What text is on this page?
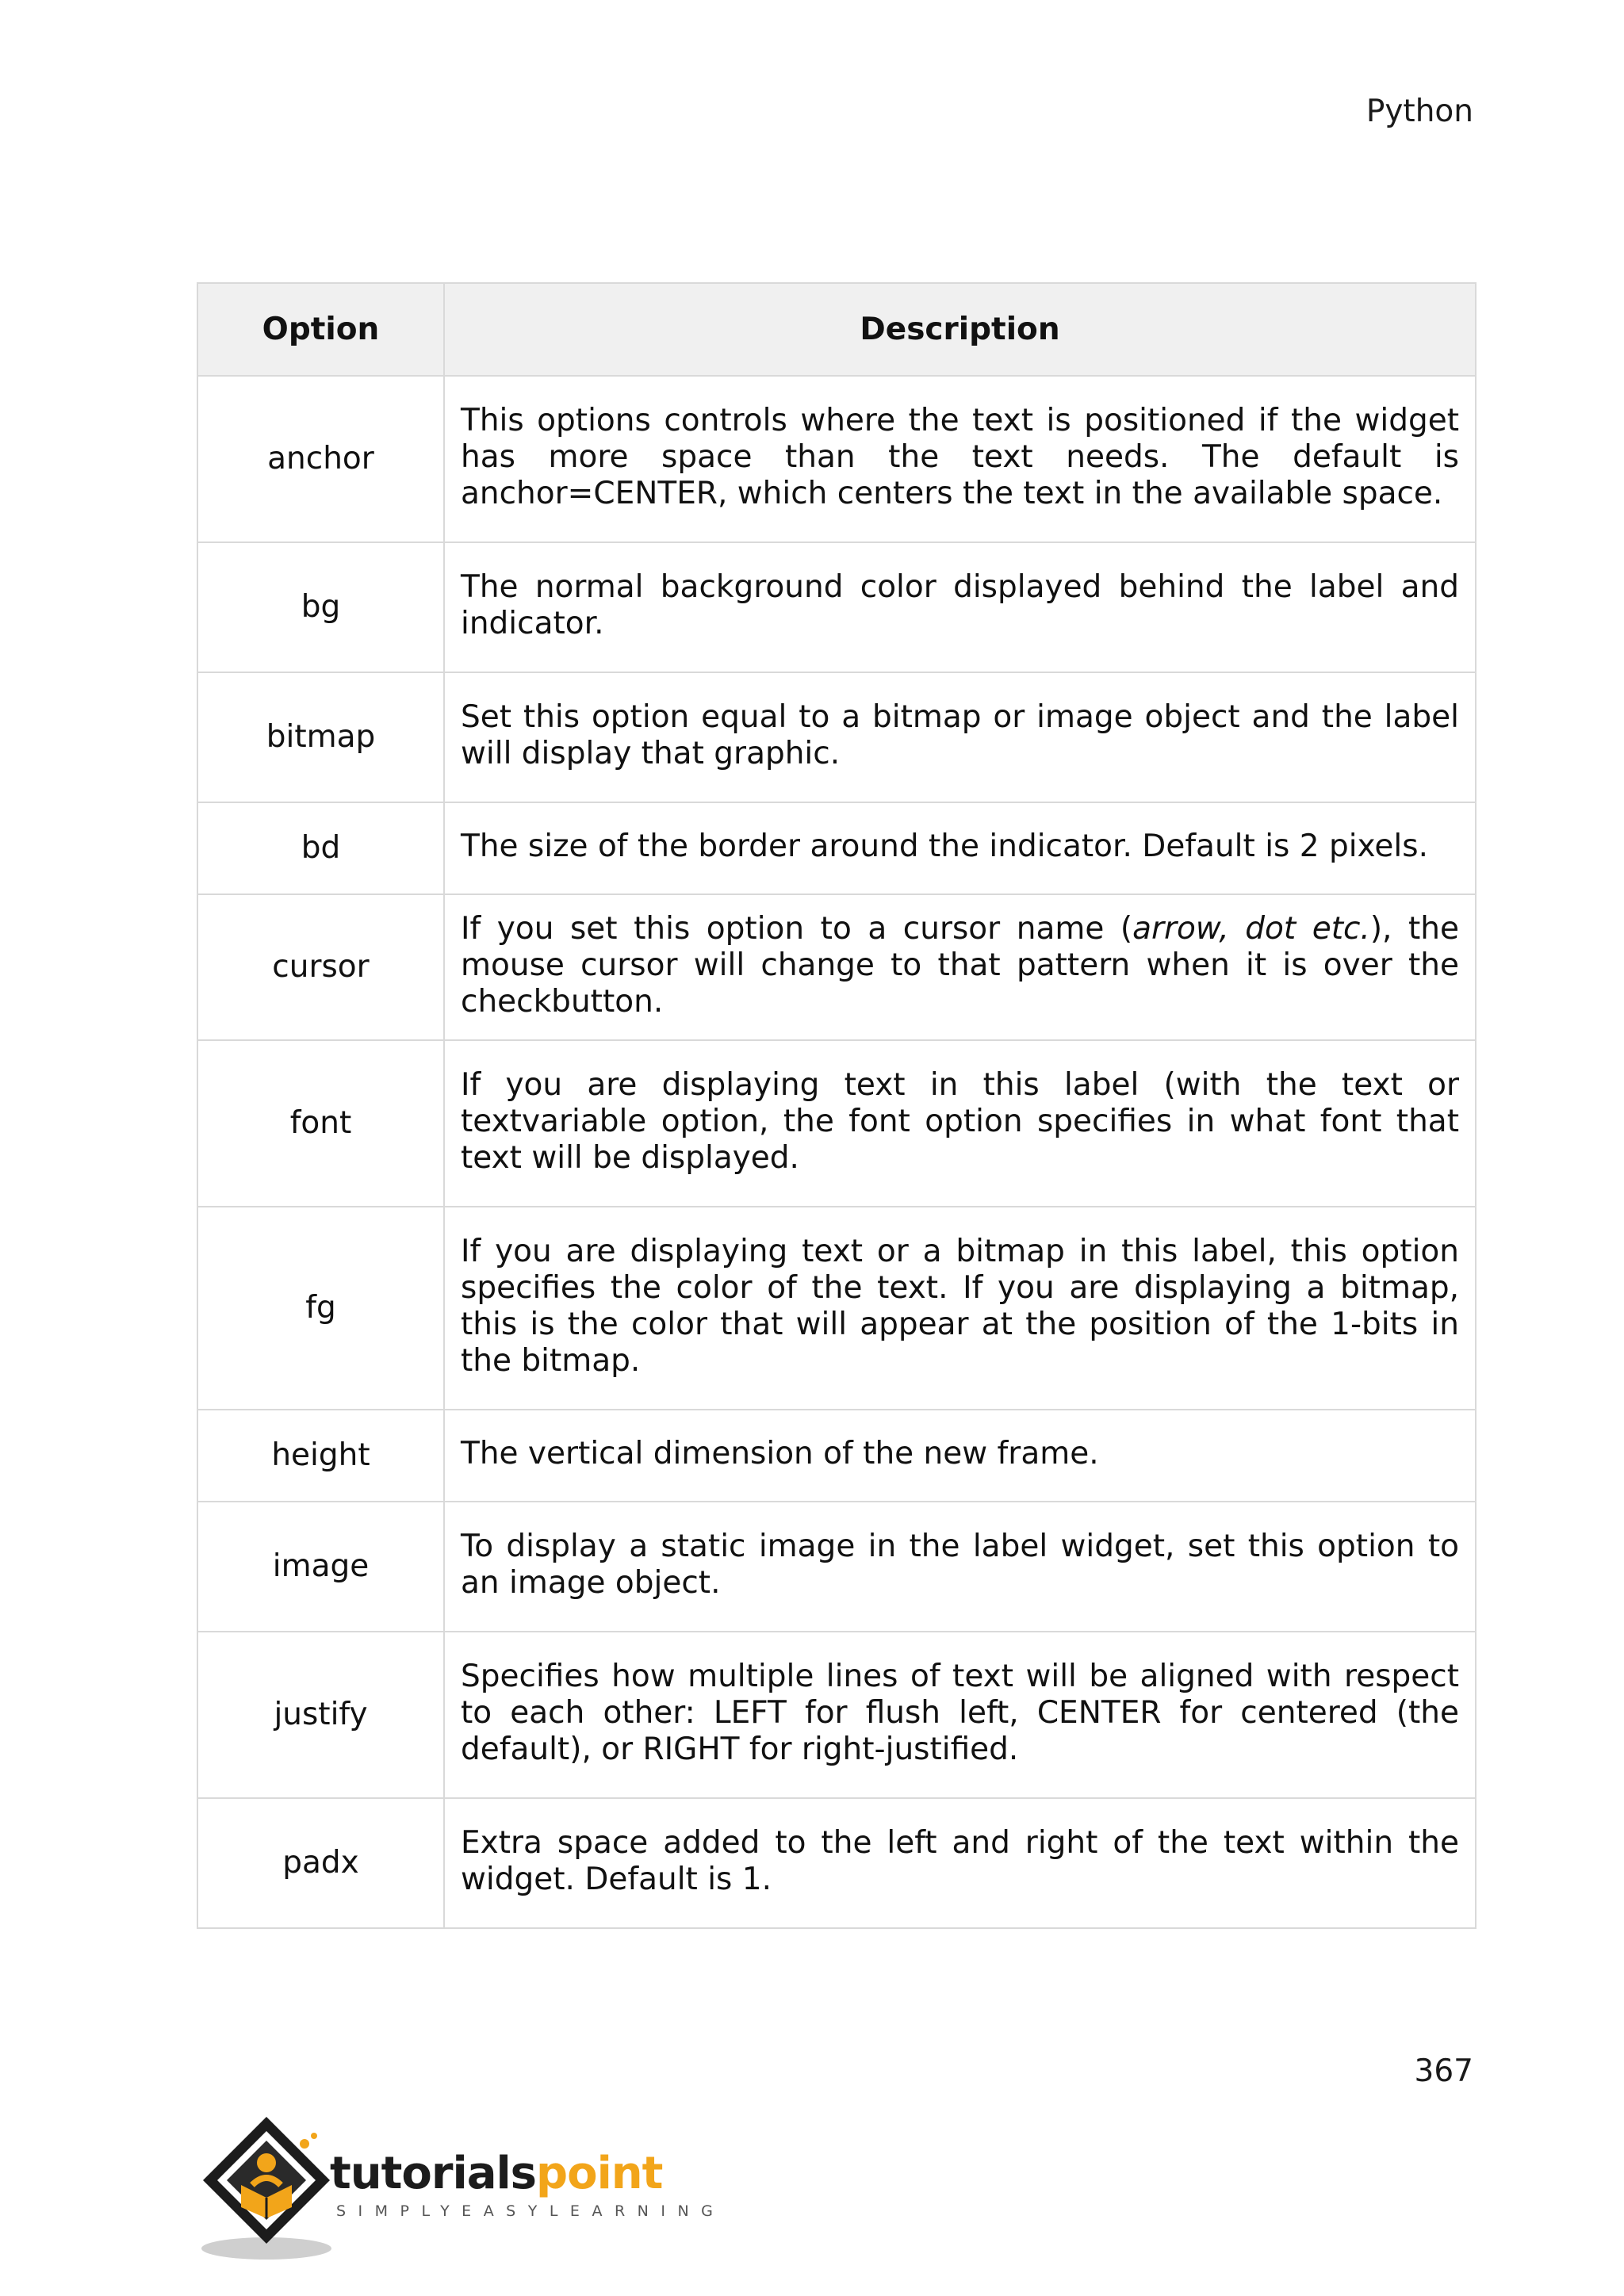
Python
Option	Description
anchor	This options controls where the text is positioned if the widget has more space than the text needs. The default is anchor=CENTER, which centers the text in the available space.
bg	The normal background color displayed behind the label and indicator.
bitmap	Set this option equal to a bitmap or image object and the label will display that graphic.
bd	The size of the border around the indicator. Default is 2 pixels.
cursor	If you set this option to a cursor name (arrow, dot etc.), the mouse cursor will change to that pattern when it is over the checkbutton.
font	If you are displaying text in this label (with the text or textvariable option, the font option specifies in what font that text will be displayed.
fg	If you are displaying text or a bitmap in this label, this option specifies the color of the text. If you are displaying a bitmap, this is the color that will appear at the position of the 1-bits in the bitmap.
height	The vertical dimension of the new frame.
image	To display a static image in the label widget, set this option to an image object.
justify	Specifies how multiple lines of text will be aligned with respect to each other: LEFT for flush left, CENTER for centered (the default), or RIGHT for right-justified.
padx	Extra space added to the left and right of the text within the widget. Default is 1.
367
tutorialspoint
SIMPLYEASYLEARNING
